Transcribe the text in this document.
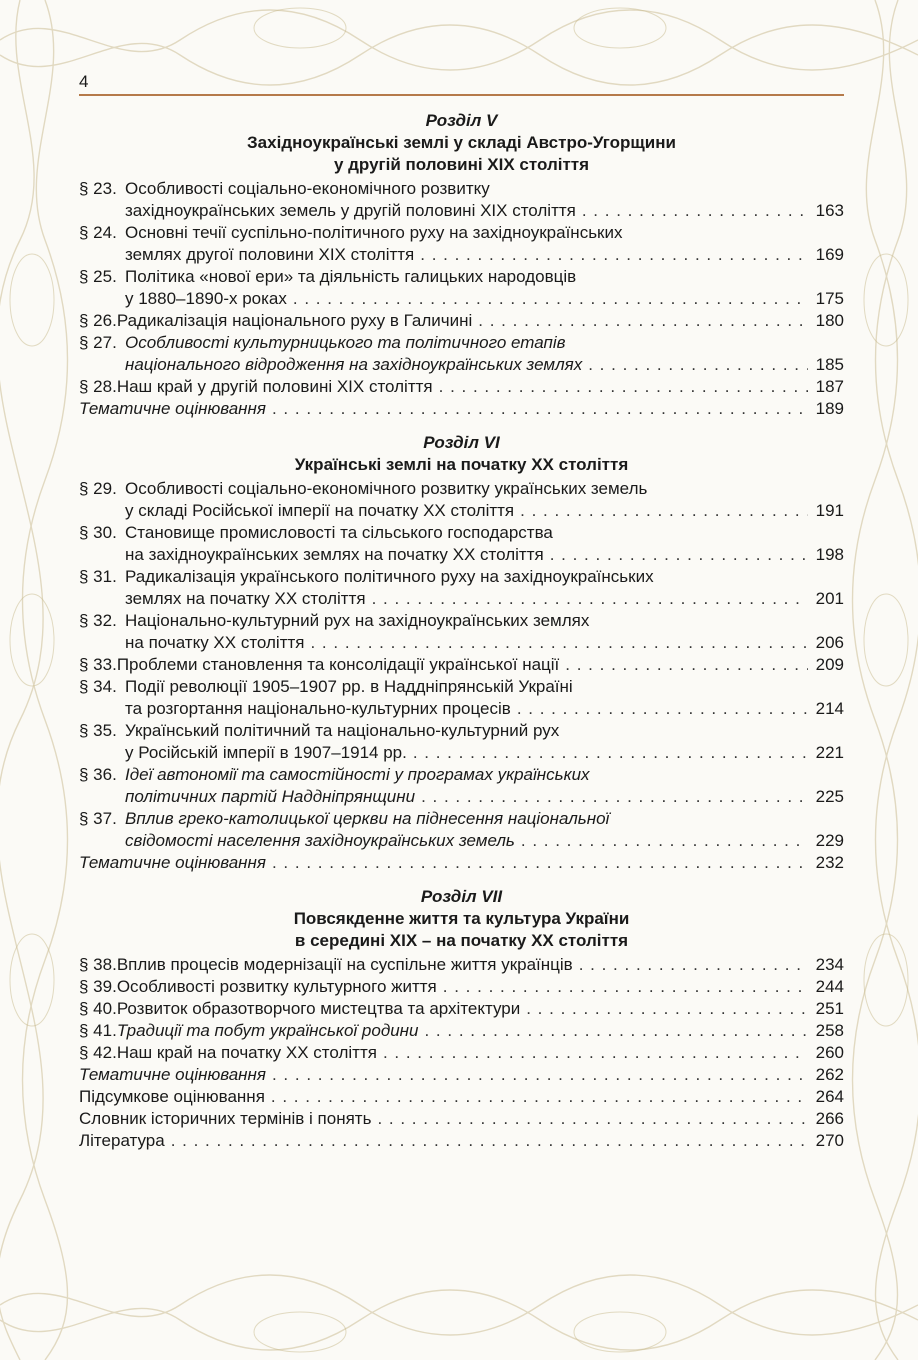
4
Розділ V
Західноукраїнські землі у складі Австро-Угорщини
у другій половині XIX століття
§ 23. Особливості соціально-економічного розвитку
західноукраїнських земель у другій половині XIX століття . . .	163
§ 24. Основні течії суспільно-політичного руху на західноукраїнських
землях другої половини XIX століття . . .	169
§ 25. Політика «нової ери» та діяльність галицьких народовців
у 1880–1890-х роках . . .	175
§ 26. Радикалізація національного руху в Галичині . . .	180
§ 27. Особливості культурницького та політичного етапів
національного відродження на західноукраїнських землях . . .	185
§ 28. Наш край у другій половині XIX століття . . .	187
Тематичне оцінювання . . .	189
Розділ VI
Українські землі на початку ХХ століття
§ 29. Особливості соціально-економічного розвитку українських земель
у складі Російської імперії на початку ХХ століття . . .	191
§ 30. Становище промисловості та сільського господарства
на західноукраїнських землях на початку ХХ століття . . .	198
§ 31. Радикалізація українського політичного руху на західноукраїнських
землях на початку ХХ століття . . .	201
§ 32. Національно-культурний рух на західноукраїнських землях
на початку ХХ століття . . .	206
§ 33. Проблеми становлення та консолідації української нації . . .	209
§ 34. Події революції 1905–1907 рр. в Наддніпрянській Україні
та розгортання національно-культурних процесів . . .	214
§ 35. Український політичний та національно-культурний рух
у Російській імперії в 1907–1914 рр. . . .	221
§ 36. Ідеї автономії та самостійності у програмах українських
політичних партій Наддніпрянщини . . .	225
§ 37. Вплив греко-католицької церкви на піднесення національної
свідомості населення західноукраїнських земель . . .	229
Тематичне оцінювання . . .	232
Розділ VII
Повсякденне життя та культура України
в середині XIX – на початку ХХ століття
§ 38. Вплив процесів модернізації на суспільне життя українців . . .	234
§ 39. Особливості розвитку культурного життя . . .	244
§ 40. Розвиток образотворчого мистецтва та архітектури . . .	251
§ 41. Традиції та побут української родини . . .	258
§ 42. Наш край на початку ХХ століття . . .	260
Тематичне оцінювання . . .	262
Підсумкове оцінювання . . .	264
Словник історичних термінів і понять . . .	266
Література . . .	270
